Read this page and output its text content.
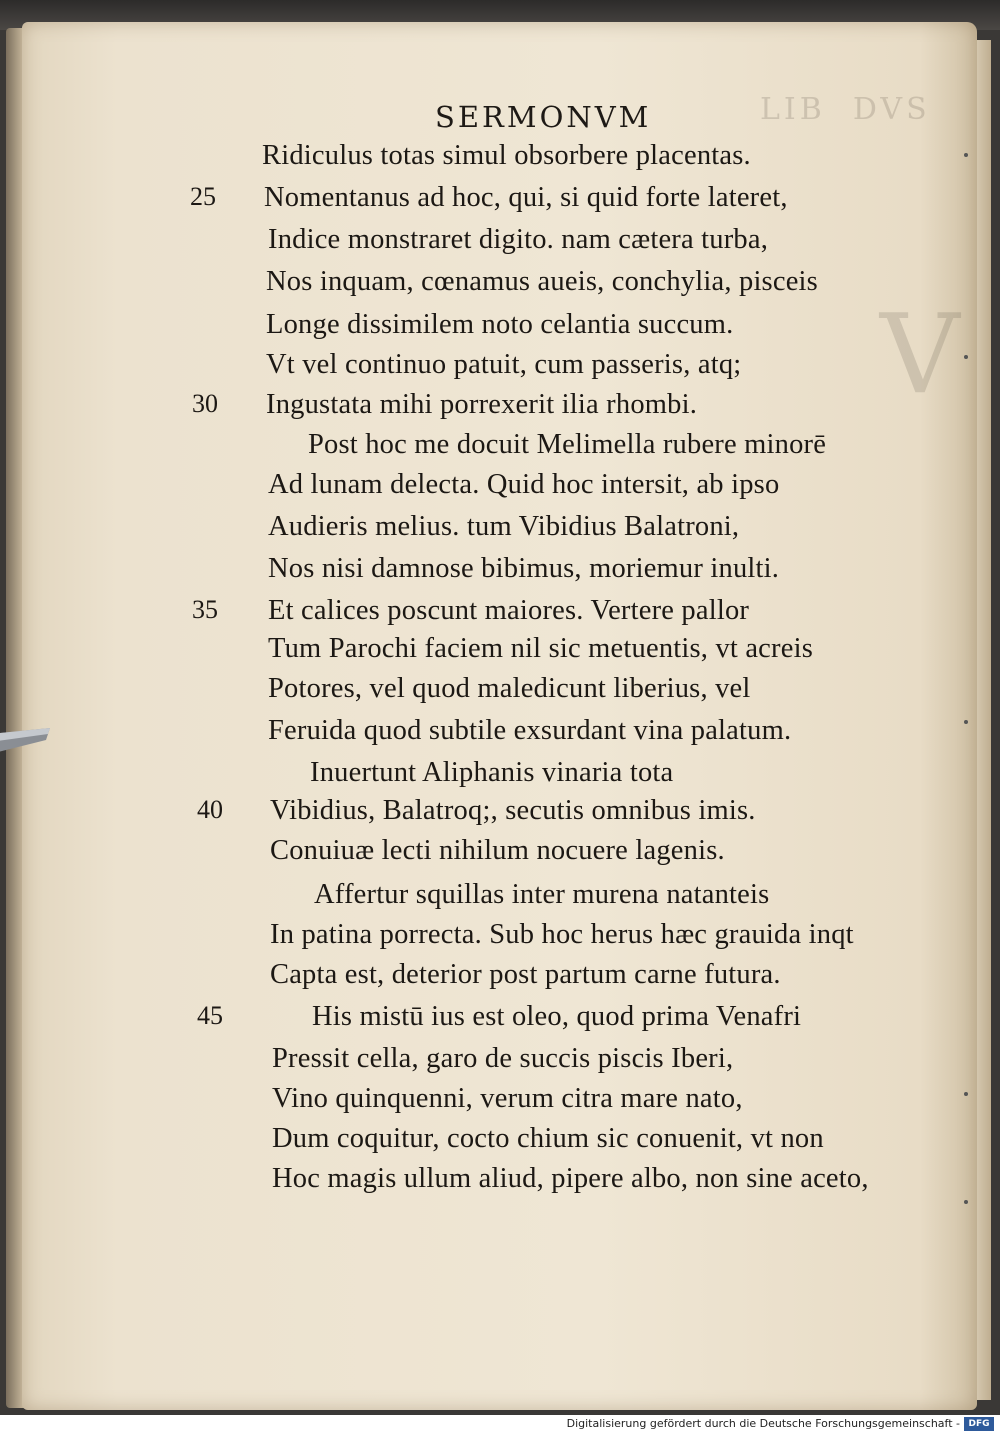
LIB  DVS
V

SERMONVM
Ridiculus totas simul obsorbere placentas.
Nomentanus ad hoc, qui, si quid forte lateret,
Indice monstraret digito. nam cætera turba,
Nos inquam, cœnamus aueis, conchylia, pisceis
Longe dissimilem noto celantia succum.
Vt vel continuo patuit, cum passeris, atq;
Ingustata mihi porrexerit ilia rhombi.
Post hoc me docuit Melimella rubere minorē
Ad lunam delecta. Quid hoc intersit, ab ipso
Audieris melius. tum Vibidius Balatroni,
Nos nisi damnose bibimus, moriemur inulti.
Et calices poscunt maiores. Vertere pallor
Tum Parochi faciem nil sic metuentis, vt acreis
Potores, vel quod maledicunt liberius, vel
Feruida quod subtile exsurdant vina palatum.
Inuertunt Aliphanis vinaria tota
Vibidius, Balatroq;, secutis omnibus imis.
Conuiuæ lecti nihilum nocuere lagenis.
Affertur squillas inter murena natanteis
In patina porrecta. Sub hoc herus hæc grauida inqt
Capta est, deterior post partum carne futura.
His mistū ius est oleo, quod prima Venafri
Pressit cella, garo de succis piscis Iberi,
Vino quinquenni, verum citra mare nato,
Dum coquitur, cocto chium sic conuenit, vt non
Hoc magis ullum aliud, pipere albo, non sine aceto,
25
30
35
40
45
Digitalisierung gefördert durch die Deutsche Forschungsgemeinschaft - DFG
